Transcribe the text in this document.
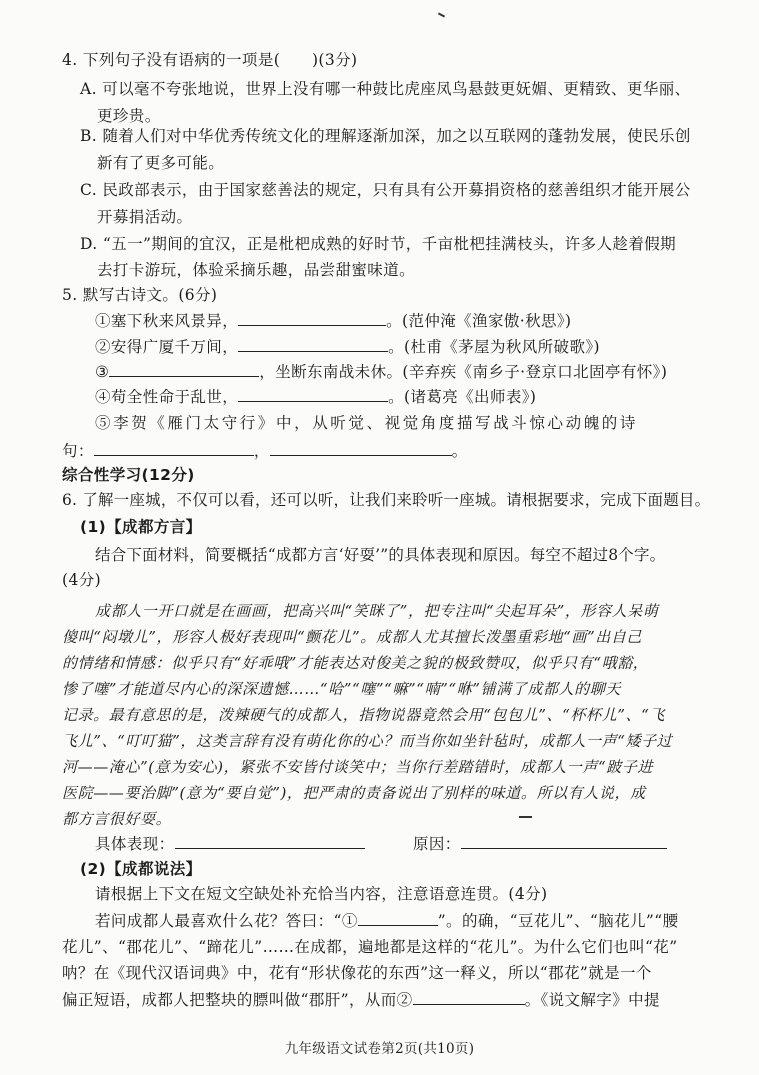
4. 下列句子没有语病的一项是(　　)(3分)
A. 可以毫不夸张地说，世界上没有哪一种鼓比虎座凤鸟悬鼓更妩媚、更精致、更华丽、
更珍贵。
B. 随着人们对中华优秀传统文化的理解逐渐加深，加之以互联网的蓬勃发展，使民乐创
新有了更多可能。
C. 民政部表示，由于国家慈善法的规定，只有具有公开募捐资格的慈善组织才能开展公
开募捐活动。
D. “五一”期间的宜汉，正是枇杷成熟的好时节，千亩枇杷挂满枝头，许多人趁着假期
去打卡游玩，体验采摘乐趣，品尝甜蜜味道。
5. 默写古诗文。(6分)
①塞下秋来风景异，	。(范仲淹《渔家傲·秋思》)
②安得广厦千万间，	。(杜甫《茅屋为秋风所破歌》)
③	，坐断东南战未休。(辛弃疾《南乡子·登京口北固亭有怀》)
④苟全性命于乱世，	。(诸葛亮《出师表》)
⑤李贺《雁门太守行》中，从听觉、视觉角度描写战斗惊心动魄的诗
句：	，	。
综合性学习(12分)
6. 了解一座城，不仅可以看，还可以听，让我们来聆听一座城。请根据要求，完成下面题目。
(1)【成都方言】
结合下面材料，简要概括“成都方言‘好耍’”的具体表现和原因。每空不超过8个字。
(4分)
成都人一开口就是在画画，把高兴叫“笑眯了”，把专注叫“尖起耳朵”，形容人呆萌
傻叫“闷墩儿”，形容人极好表现叫“颤花儿”。成都人尤其擅长泼墨重彩地“画”出自己
的情绪和情感：似乎只有“好乖哦”才能表达对俊美之貌的极致赞叹，似乎只有“哦豁，
惨了噻”才能道尽内心的深深遗憾……“哈”“噻”“嘛”“喃”“咻”铺满了成都人的聊天
记录。最有意思的是，泼辣硬气的成都人，指物说器竟然会用“包包儿”、“杯杯儿”、“飞
飞儿”、“叮叮猫”，这类言辞有没有萌化你的心？而当你如坐针毡时，成都人一声“矮子过
河——淹心”(意为安心)，紧张不安皆付谈笑中；当你行差踏错时，成都人一声“跛子进
医院——要治脚”(意为“要自觉”)，把严肃的责备说出了别样的味道。所以有人说，成
都方言很好耍。
具体表现：	原因：
(2)【成都说法】
请根据上下文在短文空缺处补充恰当内容，注意语意连贯。(4分)
若问成都人最喜欢什么花？答曰：“①	”。的确，“豆花儿”、“脑花儿”“腰
花儿”、“郡花儿”、“蹄花儿”……在成都，遍地都是这样的“花儿”。为什么它们也叫“花”
呐？在《现代汉语词典》中，花有“形状像花的东西”这一释义，所以“郡花”就是一个
偏正短语，成都人把整块的膘叫做“郡肝”，从而②	。《说文解字》中提
九年级语文试卷第2页(共10页)
